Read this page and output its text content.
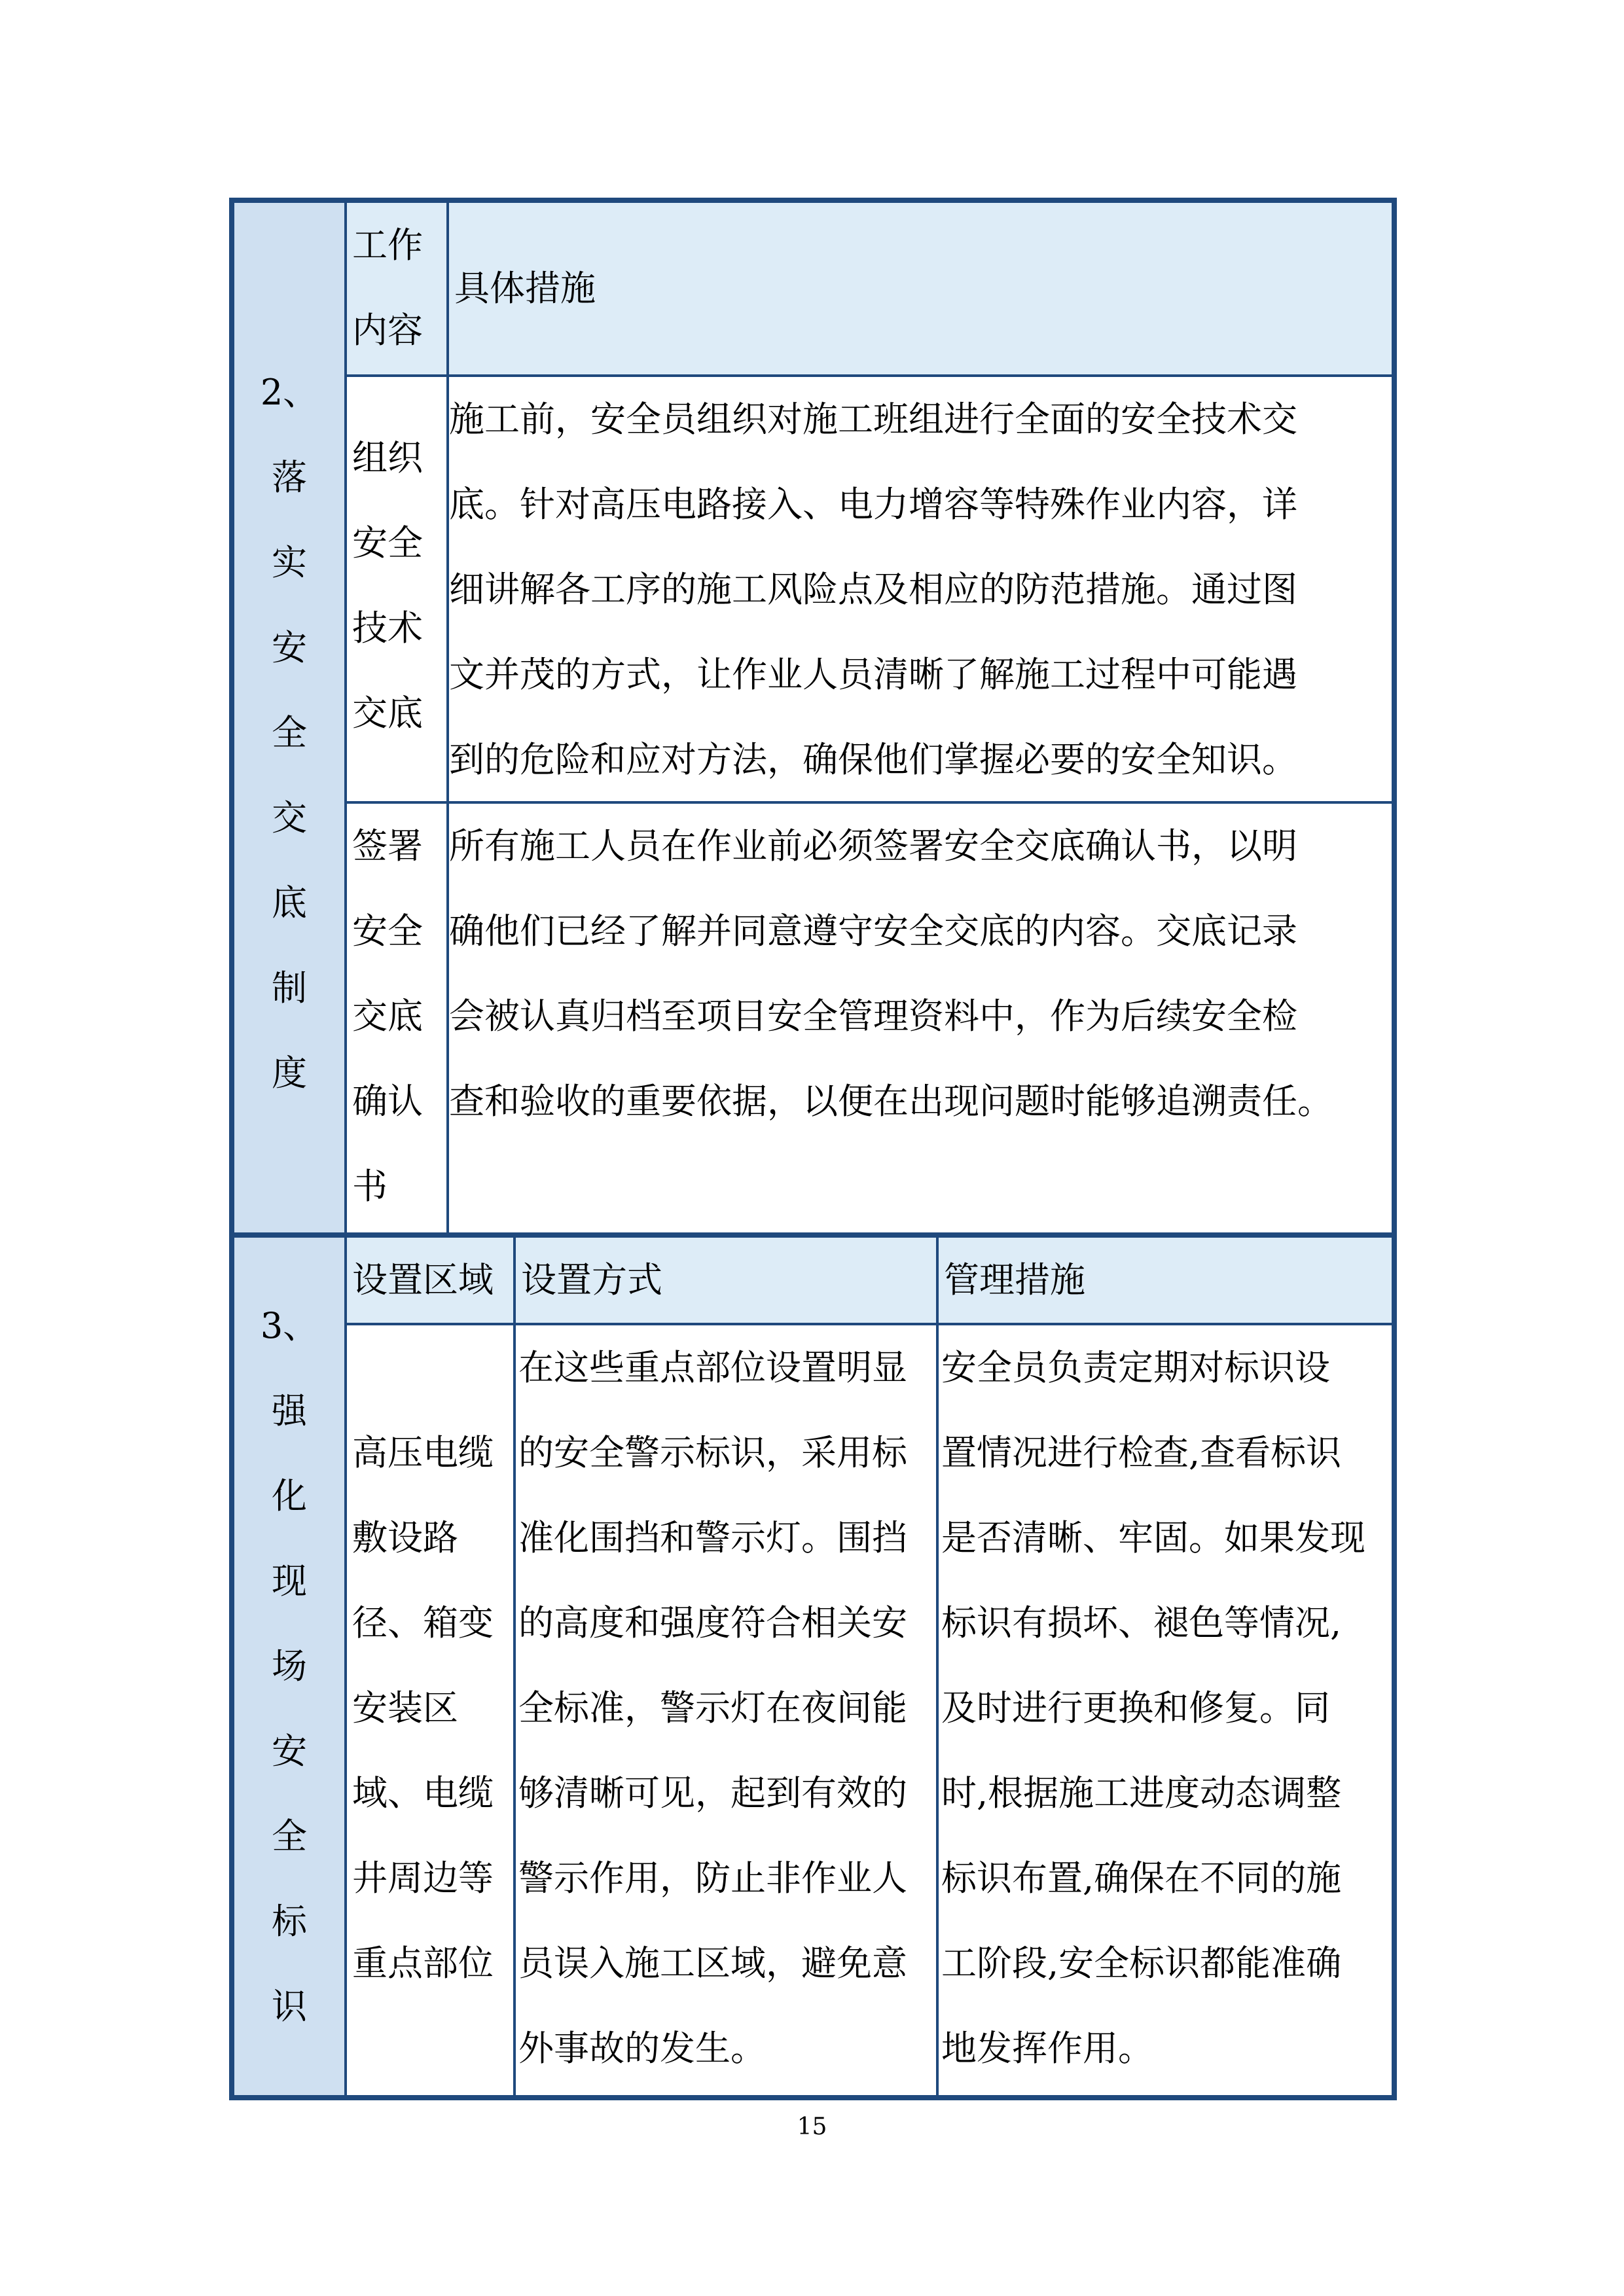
2、
落
实
安
全
交
底
制
度
工作
内容
具体措施
组织
安全
技术
交底
施工前，安全员组织对施工班组进行全面的安全技术交
底。针对高压电路接入、电力增容等特殊作业内容，详
细讲解各工序的施工风险点及相应的防范措施。通过图
文并茂的方式，让作业人员清晰了解施工过程中可能遇
到的危险和应对方法，确保他们掌握必要的安全知识。
签署
安全
交底
确认
书
所有施工人员在作业前必须签署安全交底确认书，以明
确他们已经了解并同意遵守安全交底的内容。交底记录
会被认真归档至项目安全管理资料中，作为后续安全检
查和验收的重要依据，以便在出现问题时能够追溯责任。
3、
强
化
现
场
安
全
标
识
设置区域 设置方式	管理措施
高压电缆
敷设路
径、箱变
安装区
域、电缆
井周边等
重点部位
在这些重点部位设置明显
的安全警示标识，采用标
准化围挡和警示灯。围挡
的高度和强度符合相关安
全标准，警示灯在夜间能
够清晰可见，起到有效的
警示作用，防止非作业人
员误入施工区域，避免意
外事故的发生。
安全员负责定期对标识设
置情况进行检查,查看标识
是否清晰、牢固。如果发现
标识有损坏、褪色等情况,
及时进行更换和修复。同
时,根据施工进度动态调整
标识布置,确保在不同的施
工阶段,安全标识都能准确
地发挥作用。
15
